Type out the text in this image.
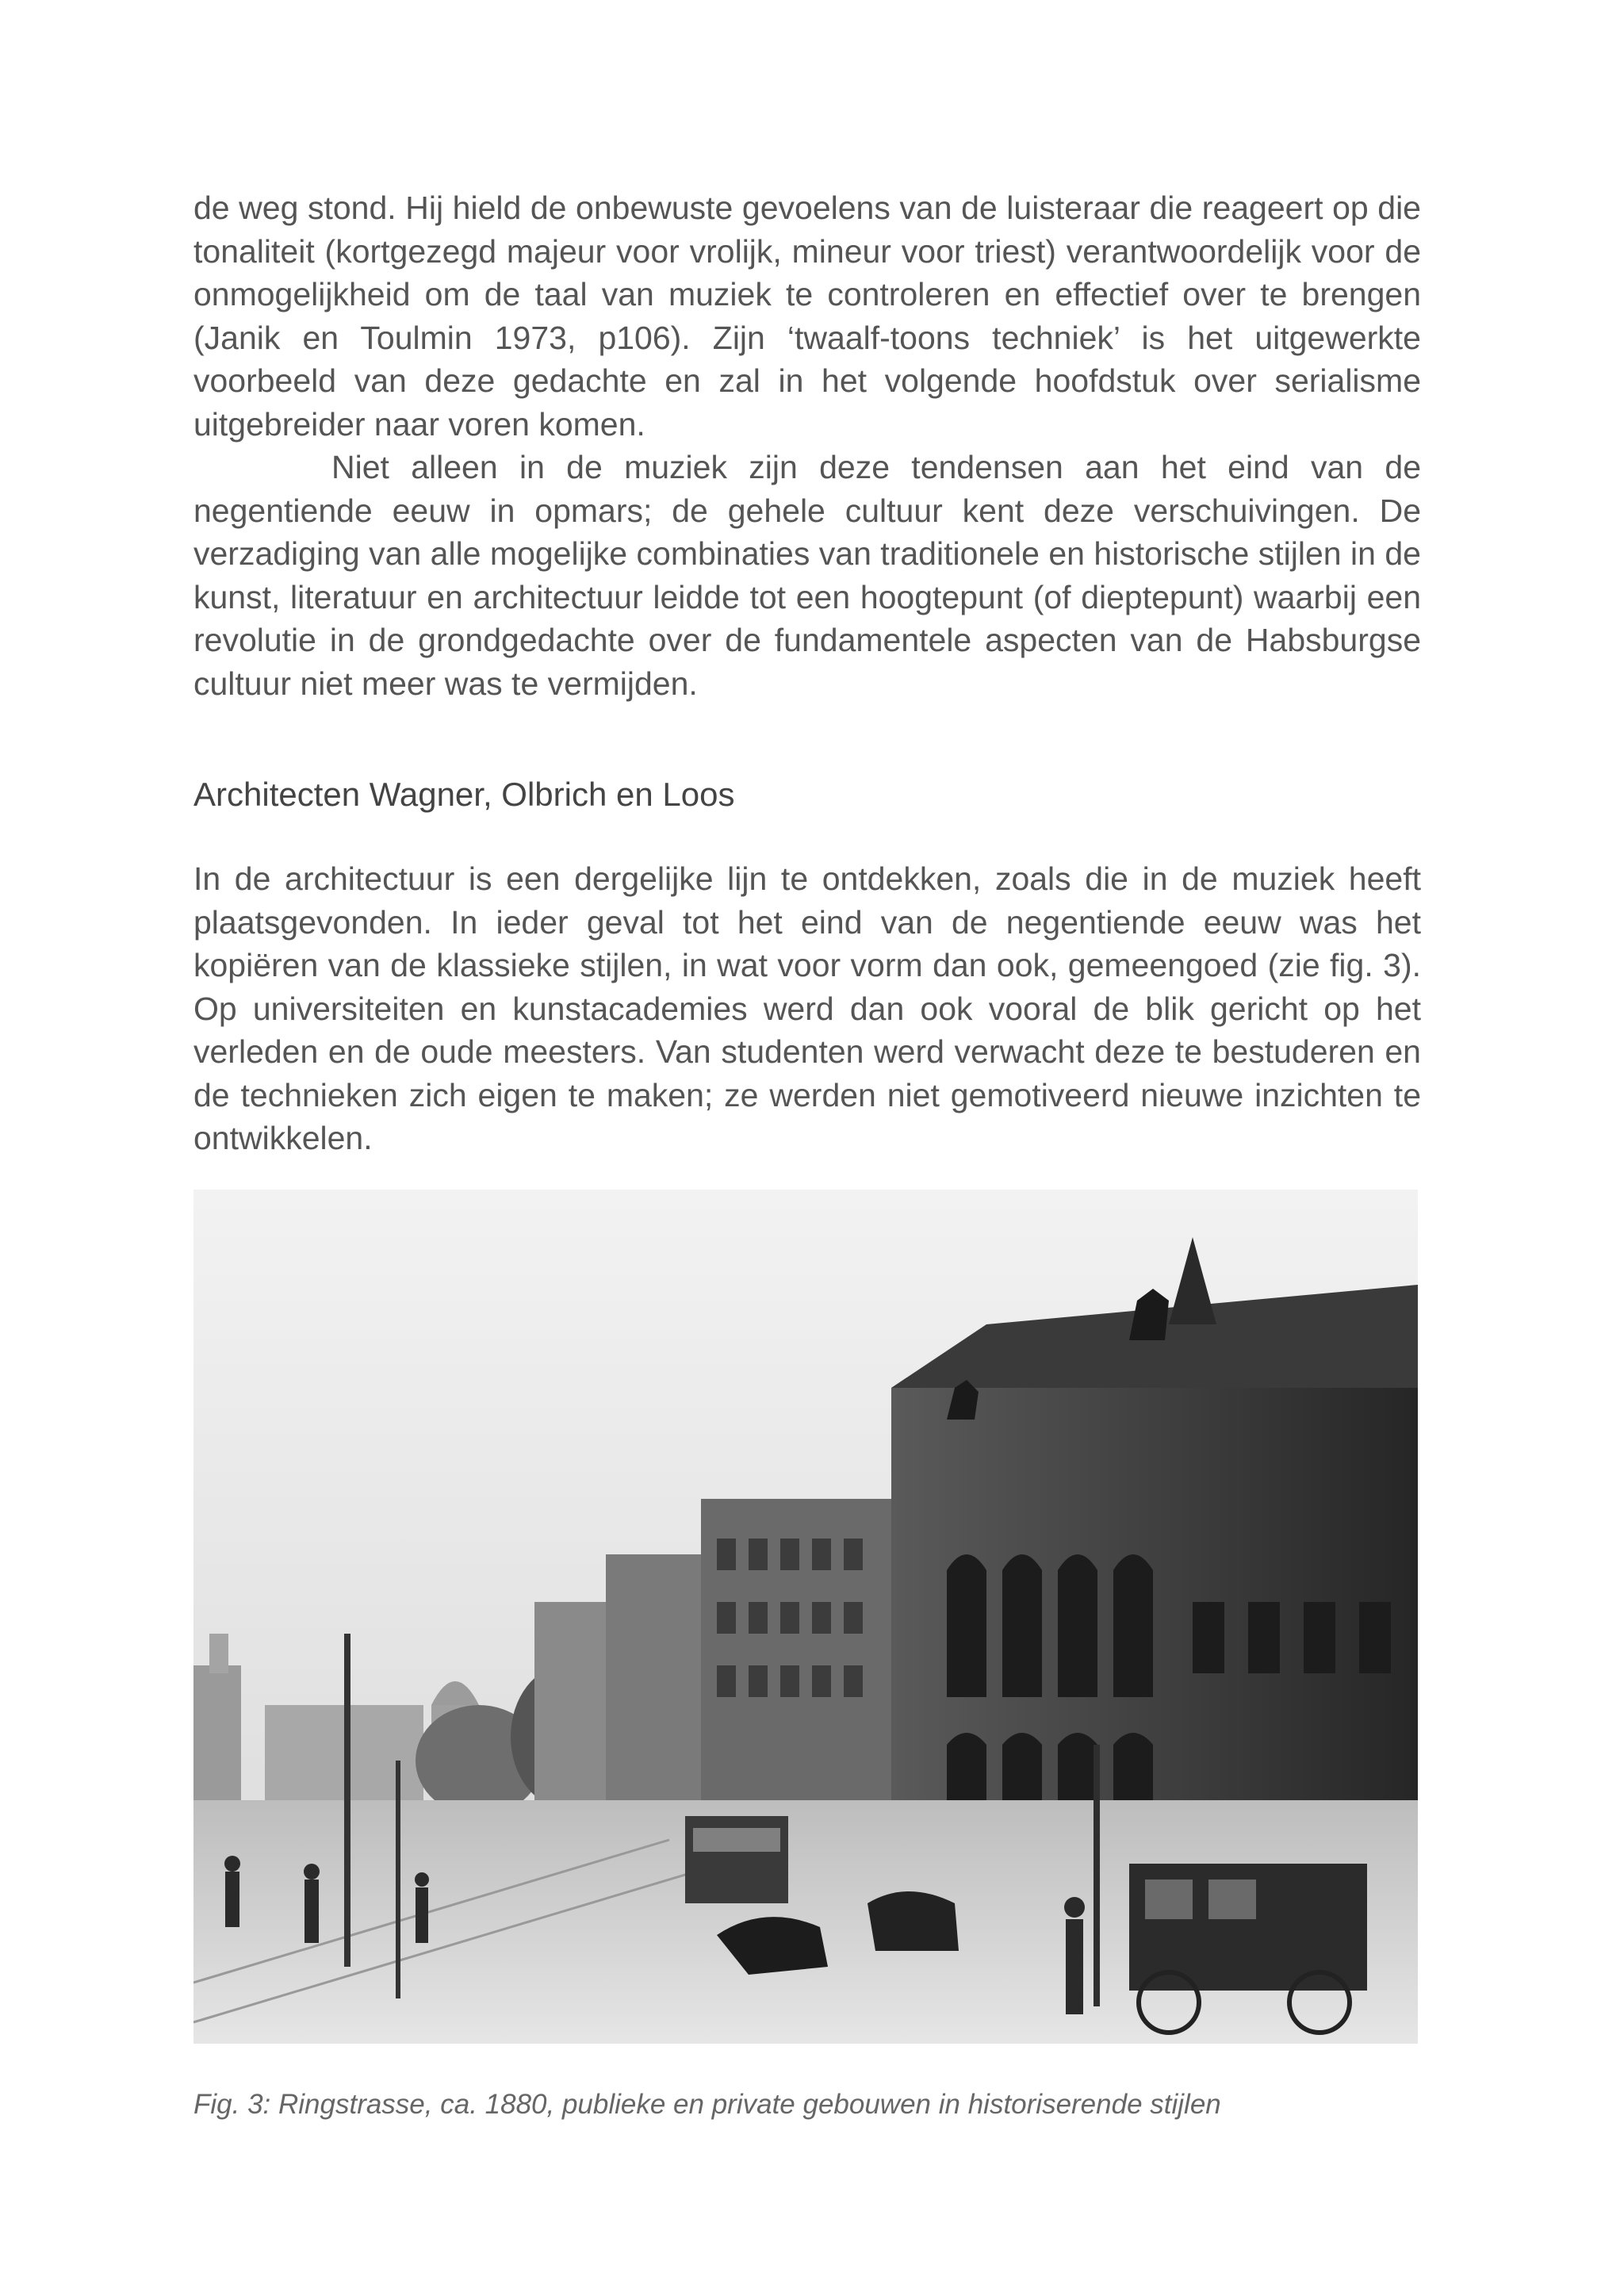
de weg stond. Hij hield de onbewuste gevoelens van de luisteraar die reageert op die tonaliteit (kortgezegd majeur voor vrolijk, mineur voor triest) verantwoordelijk voor de onmogelijkheid om de taal van muziek te controleren en effectief over te brengen (Janik en Toulmin 1973, p106). Zijn ‘twaalf-toons techniek’ is het uitgewerkte voorbeeld van deze gedachte en zal in het volgende hoofdstuk over serialisme uitgebreider naar voren komen.

Niet alleen in de muziek zijn deze tendensen aan het eind van de negentiende eeuw in opmars; de gehele cultuur kent deze verschuivingen. De verzadiging van alle mogelijke combinaties van traditionele en historische stijlen in de kunst, literatuur en architectuur leidde tot een hoogtepunt (of dieptepunt) waarbij een revolutie in de grondgedachte over de fundamentele aspecten van de Habsburgse cultuur niet meer was te vermijden.

Architecten Wagner, Olbrich en Loos

In de architectuur is een dergelijke lijn te ontdekken, zoals die in de muziek heeft plaatsgevonden. In ieder geval tot het eind van de negentiende eeuw was het kopiëren van de klassieke stijlen, in wat voor vorm dan ook, gemeengoed (zie fig. 3). Op universiteiten en kunstacademies werd dan ook vooral de blik gericht op het verleden en de oude meesters. Van studenten werd verwacht deze te bestuderen en de technieken zich eigen te maken; ze werden niet gemotiveerd nieuwe inzichten te ontwikkelen.

Fig. 3: Ringstrasse, ca. 1880, publieke en private gebouwen in historiserende stijlen
